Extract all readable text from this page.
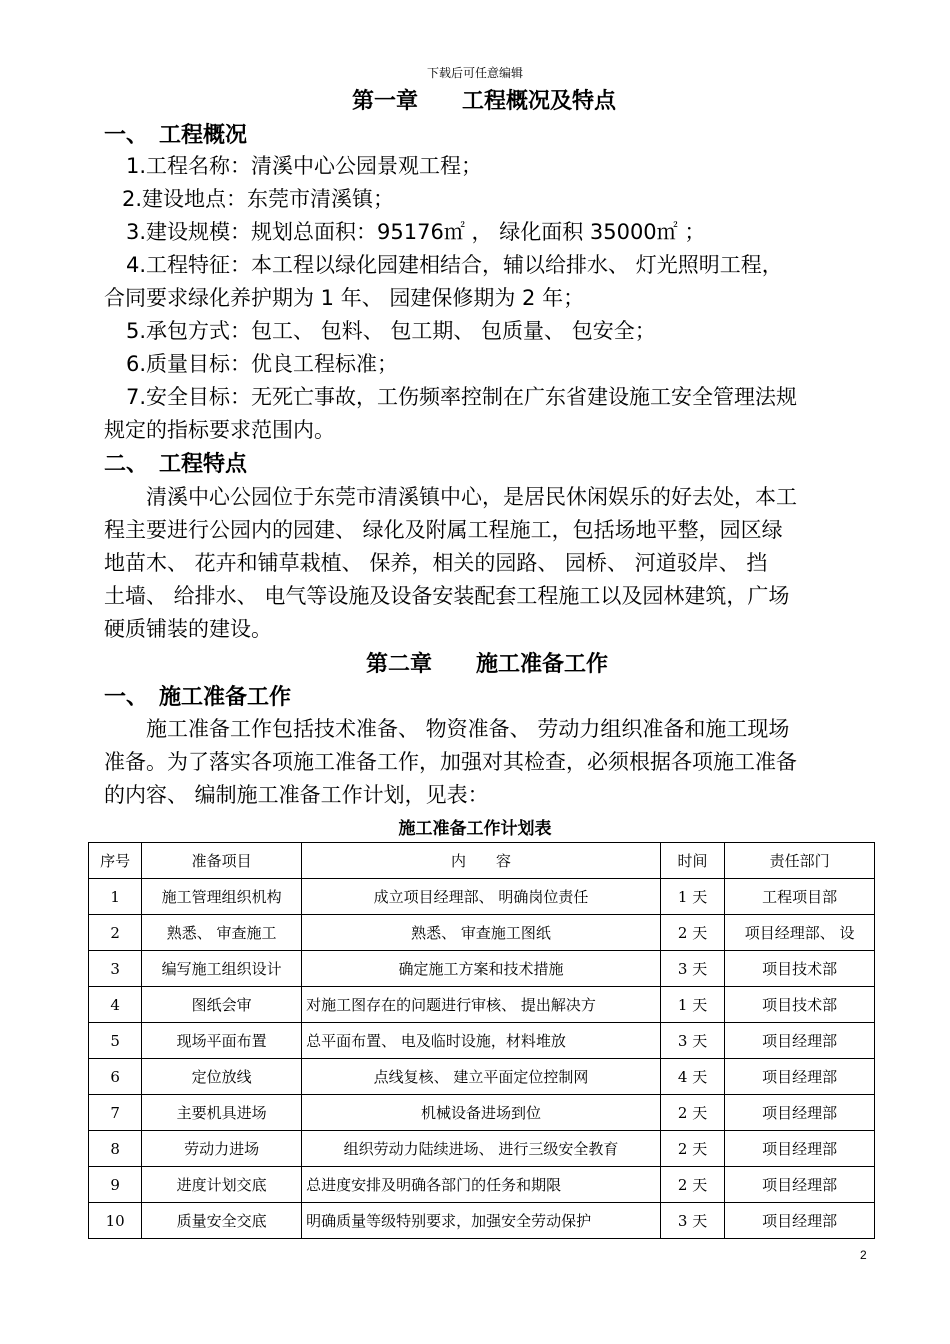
下载后可任意编辑
第一章　　工程概况及特点
一、　工程概况
1.工程名称：清溪中心公园景观工程；
2.建设地点：东莞市清溪镇；
3.建设规模：规划总面积：95176㎡ ， 绿化面积 35000㎡ ；
4.工程特征：本工程以绿化园建相结合，辅以给排水、 灯光照明工程，
合同要求绿化养护期为 1 年、 园建保修期为 2 年；
5.承包方式：包工、 包料、 包工期、 包质量、 包安全；
6.质量目标：优良工程标准；
7.安全目标：无死亡事故，工伤频率控制在广东省建设施工安全管理法规
规定的指标要求范围内。
二、　工程特点
清溪中心公园位于东莞市清溪镇中心，是居民休闲娱乐的好去处，本工
程主要进行公园内的园建、 绿化及附属工程施工，包括场地平整，园区绿
地苗木、 花卉和铺草栽植、 保养，相关的园路、 园桥、 河道驳岸、 挡
土墙、 给排水、 电气等设施及设备安装配套工程施工以及园林建筑，广场
硬质铺装的建设。
第二章　　施工准备工作
一、　施工准备工作
施工准备工作包括技术准备、 物资准备、 劳动力组织准备和施工现场
准备。为了落实各项施工准备工作，加强对其检查，必须根据各项施工准备
的内容、 编制施工准备工作计划，见表：
施工准备工作计划表
序号	准备项目	内　　容	时间	责任部门
1	施工管理组织机构	成立项目经理部、 明确岗位责任	1 天	工程项目部
2	熟悉、 审查施工	熟悉、 审查施工图纸	2 天	项目经理部、 设
3	编写施工组织设计	确定施工方案和技术措施	3 天	项目技术部
4	图纸会审	对施工图存在的问题进行审核、 提出解决方	1 天	项目技术部
5	现场平面布置	总平面布置、 电及临时设施，材料堆放	3 天	项目经理部
6	定位放线	点线复核、 建立平面定位控制网	4 天	项目经理部
7	主要机具进场	机械设备进场到位	2 天	项目经理部
8	劳动力进场	组织劳动力陆续进场、 进行三级安全教育	2 天	项目经理部
9	进度计划交底	总进度安排及明确各部门的任务和期限	2 天	项目经理部
10	质量安全交底	明确质量等级特别要求，加强安全劳动保护	3 天	项目经理部
2
